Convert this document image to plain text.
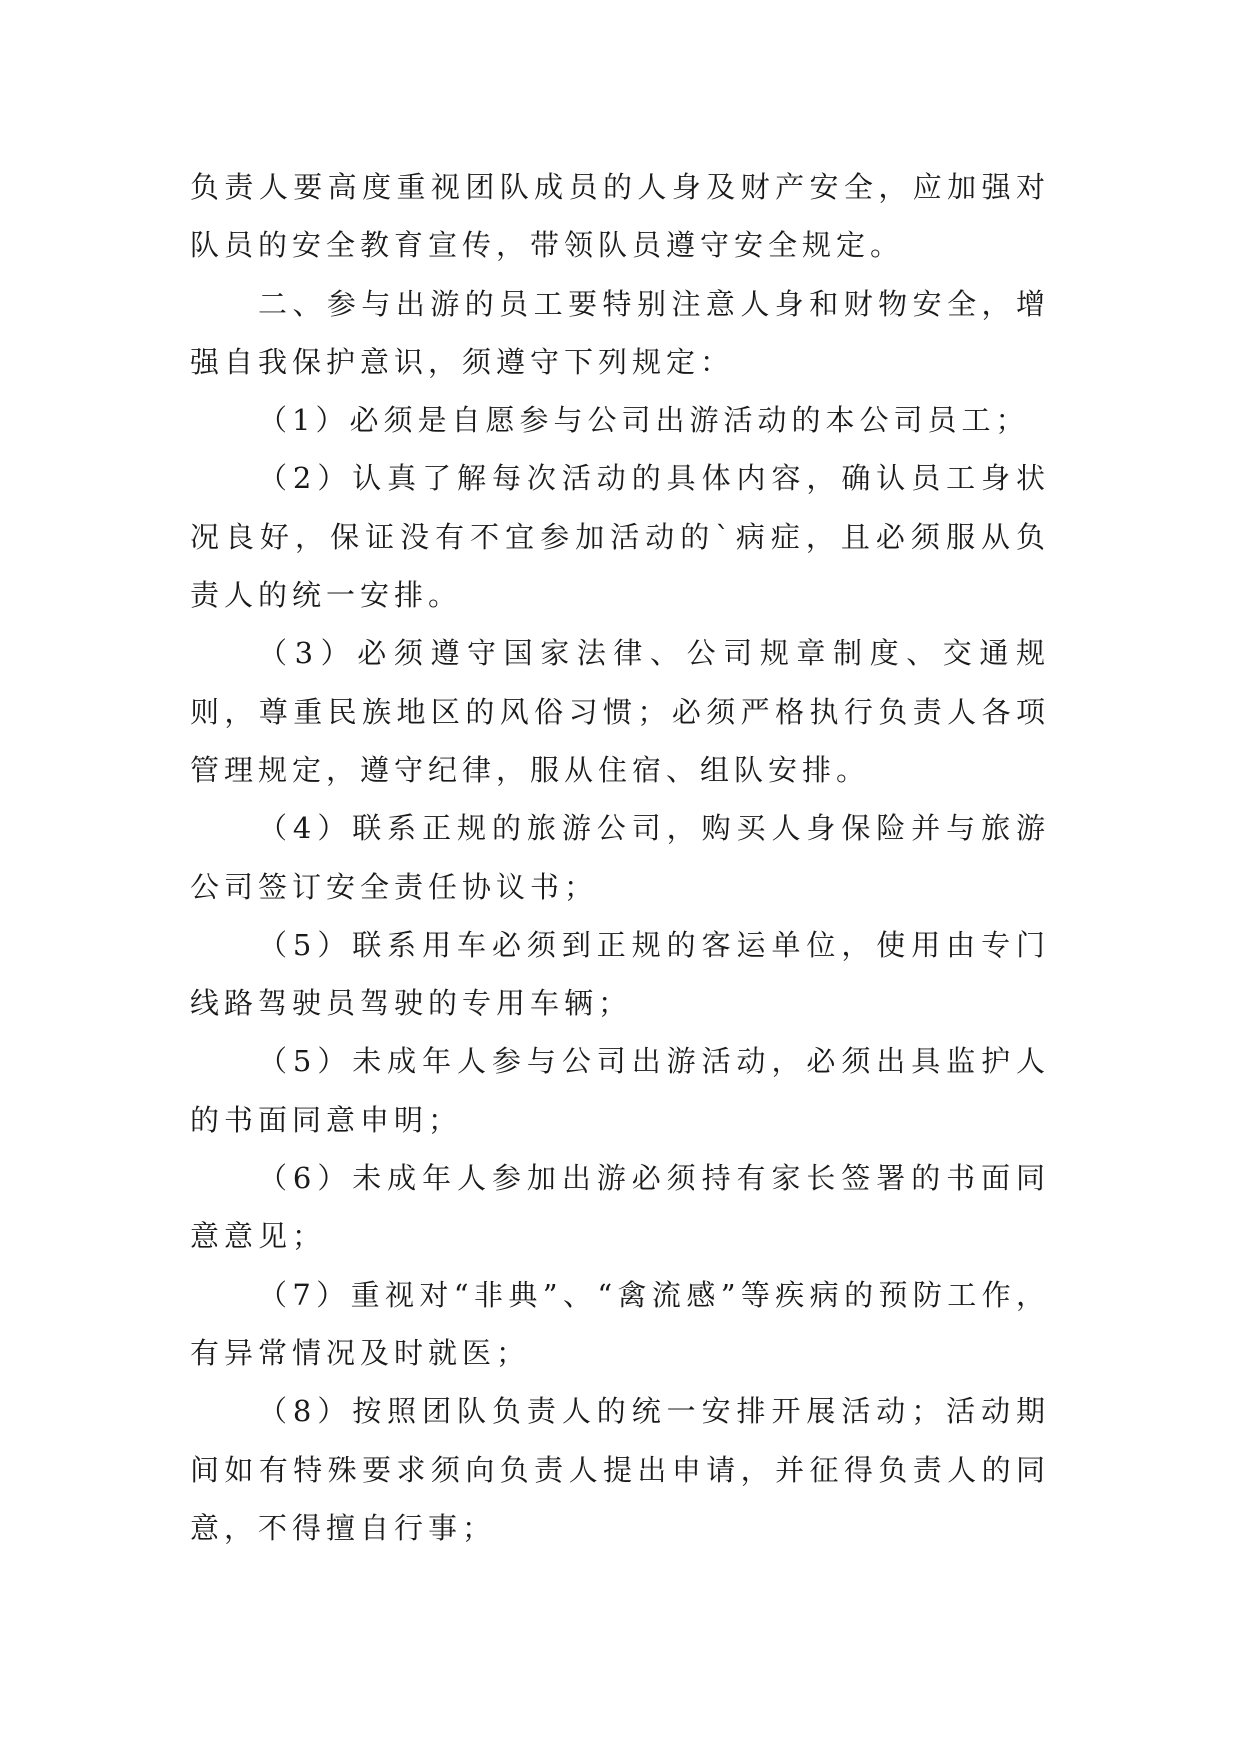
负责人要高度重视团队成员的人身及财产安全，应加强对队员的安全教育宣传，带领队员遵守安全规定。

二、参与出游的员工要特别注意人身和财物安全，增强自我保护意识，须遵守下列规定：

（1）必须是自愿参与公司出游活动的本公司员工；

（2）认真了解每次活动的具体内容，确认员工身状况良好，保证没有不宜参加活动的`病症，且必须服从负责人的统一安排。

（3）必须遵守国家法律、公司规章制度、交通规则，尊重民族地区的风俗习惯；必须严格执行负责人各项管理规定，遵守纪律，服从住宿、组队安排。

（4）联系正规的旅游公司，购买人身保险并与旅游公司签订安全责任协议书；

（5）联系用车必须到正规的客运单位，使用由专门线路驾驶员驾驶的专用车辆；

（5）未成年人参与公司出游活动，必须出具监护人的书面同意申明；

（6）未成年人参加出游必须持有家长签署的书面同意意见；

（7）重视对“非典”、“禽流感”等疾病的预防工作，有异常情况及时就医；

（8）按照团队负责人的统一安排开展活动；活动期间如有特殊要求须向负责人提出申请，并征得负责人的同意，不得擅自行事；
